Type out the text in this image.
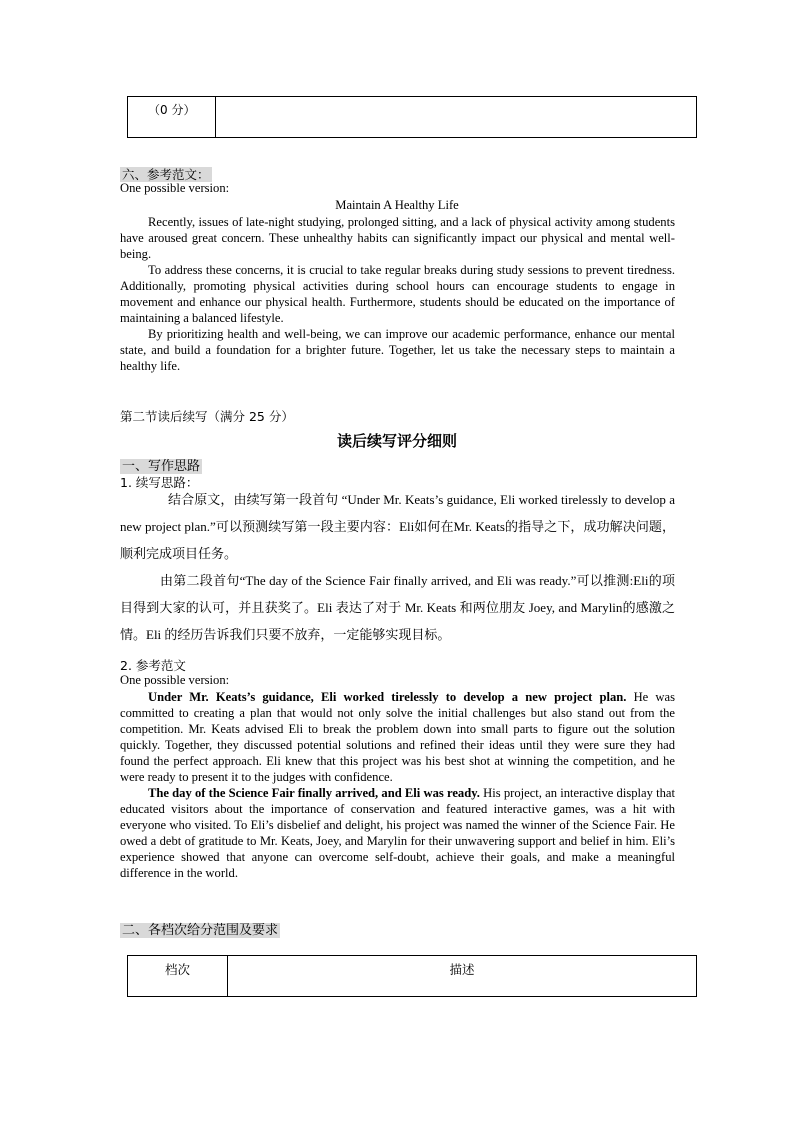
（0 分）	
六、参考范文：
One possible version:
Maintain A Healthy Life

Recently, issues of late-night studying, prolonged sitting, and a lack of physical activity among students have aroused great concern. These unhealthy habits can significantly impact our physical and mental well-being.

To address these concerns, it is crucial to take regular breaks during study sessions to prevent tiredness. Additionally, promoting physical activities during school hours can encourage students to engage in movement and enhance our physical health. Furthermore, students should be educated on the importance of maintaining a balanced lifestyle.

By prioritizing health and well-being, we can improve our academic performance, enhance our mental state, and build a foundation for a brighter future. Together, let us take the necessary steps to maintain a healthy life.

第二节读后续写（满分 25 分）
读后续写评分细则
一、写作思路
1. 续写思路：

结合原文，由续写第一段首句 “Under Mr. Keats’s guidance, Eli worked tirelessly to develop a new project plan.”可以预测续写第一段主要内容：Eli如何在Mr. Keats的指导之下，成功解决问题，顺利完成项目任务。

由第二段首句“The day of the Science Fair finally arrived, and Eli was ready.”可以推测:Eli的项目得到大家的认可，并且获奖了。Eli 表达了对于 Mr. Keats 和两位朋友 Joey, and Marylin的感激之情。Eli 的经历告诉我们只要不放弃，一定能够实现目标。

2. 参考范文
One possible version:

Under Mr. Keats’s guidance, Eli worked tirelessly to develop a new project plan. He was committed to creating a plan that would not only solve the initial challenges but also stand out from the competition. Mr. Keats advised Eli to break the problem down into small parts to figure out the solution quickly. Together, they discussed potential solutions and refined their ideas until they were sure they had found the perfect approach. Eli knew that this project was his best shot at winning the competition, and he were ready to present it to the judges with confidence.

The day of the Science Fair finally arrived, and Eli was ready. His project, an interactive display that educated visitors about the importance of conservation and featured interactive games, was a hit with everyone who visited. To Eli’s disbelief and delight, his project was named the winner of the Science Fair. He owed a debt of gratitude to Mr. Keats, Joey, and Marylin for their unwavering support and belief in him. Eli’s experience showed that anyone can overcome self-doubt, achieve their goals, and make a meaningful difference in the world.

二、各档次给分范围及要求
档次	描述
